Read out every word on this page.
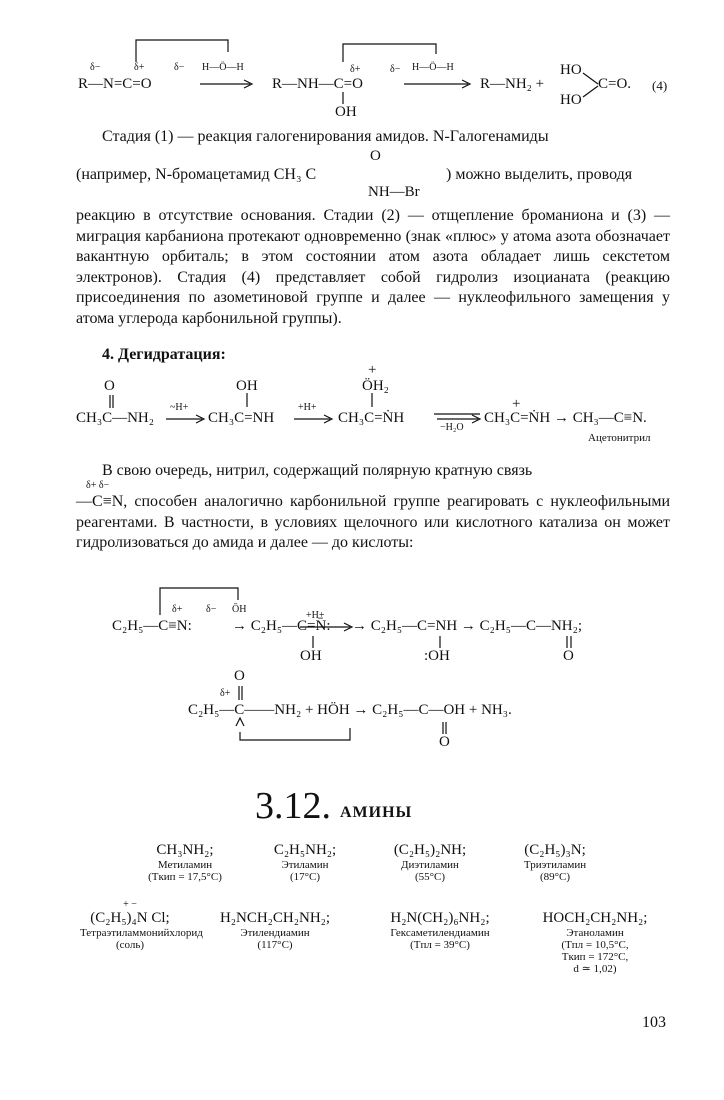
δ−	δ+	δ−
R—N=C=O
H—Ö—H
R—NH—C=O
δ+	δ−
OH
H—Ö—H
R—NH₂ +
HO
HO
C=O. (4)
Стадия (1) — реакция галогенирования амидов. N-Галогенамиды
(например, N-бромацетамид CH₃ C
O
NH—Br
) можно выделить, проводя

реакцию в отсутствие основания. Стадии (2) — отщепление броманиона и (3) — миграция карбаниона протекают одновременно (знак «плюс» у атома азота обозначает вакантную орбиталь; в этом состоянии атом азота обладает лишь секстетом электронов). Стадия (4) представляет собой гидролиз изоцианата (реакцию присоединения по азометиновой группе и далее — нуклеофильного замещения у атома углерода карбонильной группы).

4. Дегидратация:
O
CH₃C—NH₂
~H+
OH
CH₃C=NH
+H+
+
ÖH₂
CH₃C=ṄH
−H₂O
+
CH₃C=ṄH → CH₃—C≡N.
Ацетонитрил
В свою очередь, нитрил, содержащий полярную кратную связь
δ+ δ−

—C≡N, способен аналогично карбонильной группе реагировать с нуклеофильными реагентами. В частности, в условиях щелочного или кислотного катализа он может гидролизоваться до амида и далее — до кислоты:

δ+ δ− ŌH
C₂H₅—C≡N:	→ C₂H₅—C=N̄:
+H+
→ C₂H₅—C=NH → C₂H₅—C—NH₂;
OH	:OH	O
O
δ+
C₂H₅—C——NH₂ + HÖH → C₂H₅—C—OH + NH₃.
O
3.12. АМИНЫ
CH₃NH₂;
Метиламин
(Tкип = 17,5°C)
C₂H₅NH₂;
Этиламин
(17°C)
(C₂H₅)₂NH;
Диэтиламин
(55°C)
(C₂H₅)₃N;
Триэтиламин
(89°C)
+ −
(C₂H₅)₄N Cl;
Тетраэтиламмонийхлорид
(соль)
H₂NCH₂CH₂NH₂;
Этилендиамин
(117°C)
H₂N(CH₂)₆NH₂;
Гексаметилендиамин
(Tпл = 39°C)
HOCH₂CH₂NH₂;
Этаноламин
(Tпл = 10,5°C,
Tкип = 172°C,
d ≃ 1,02)
103
